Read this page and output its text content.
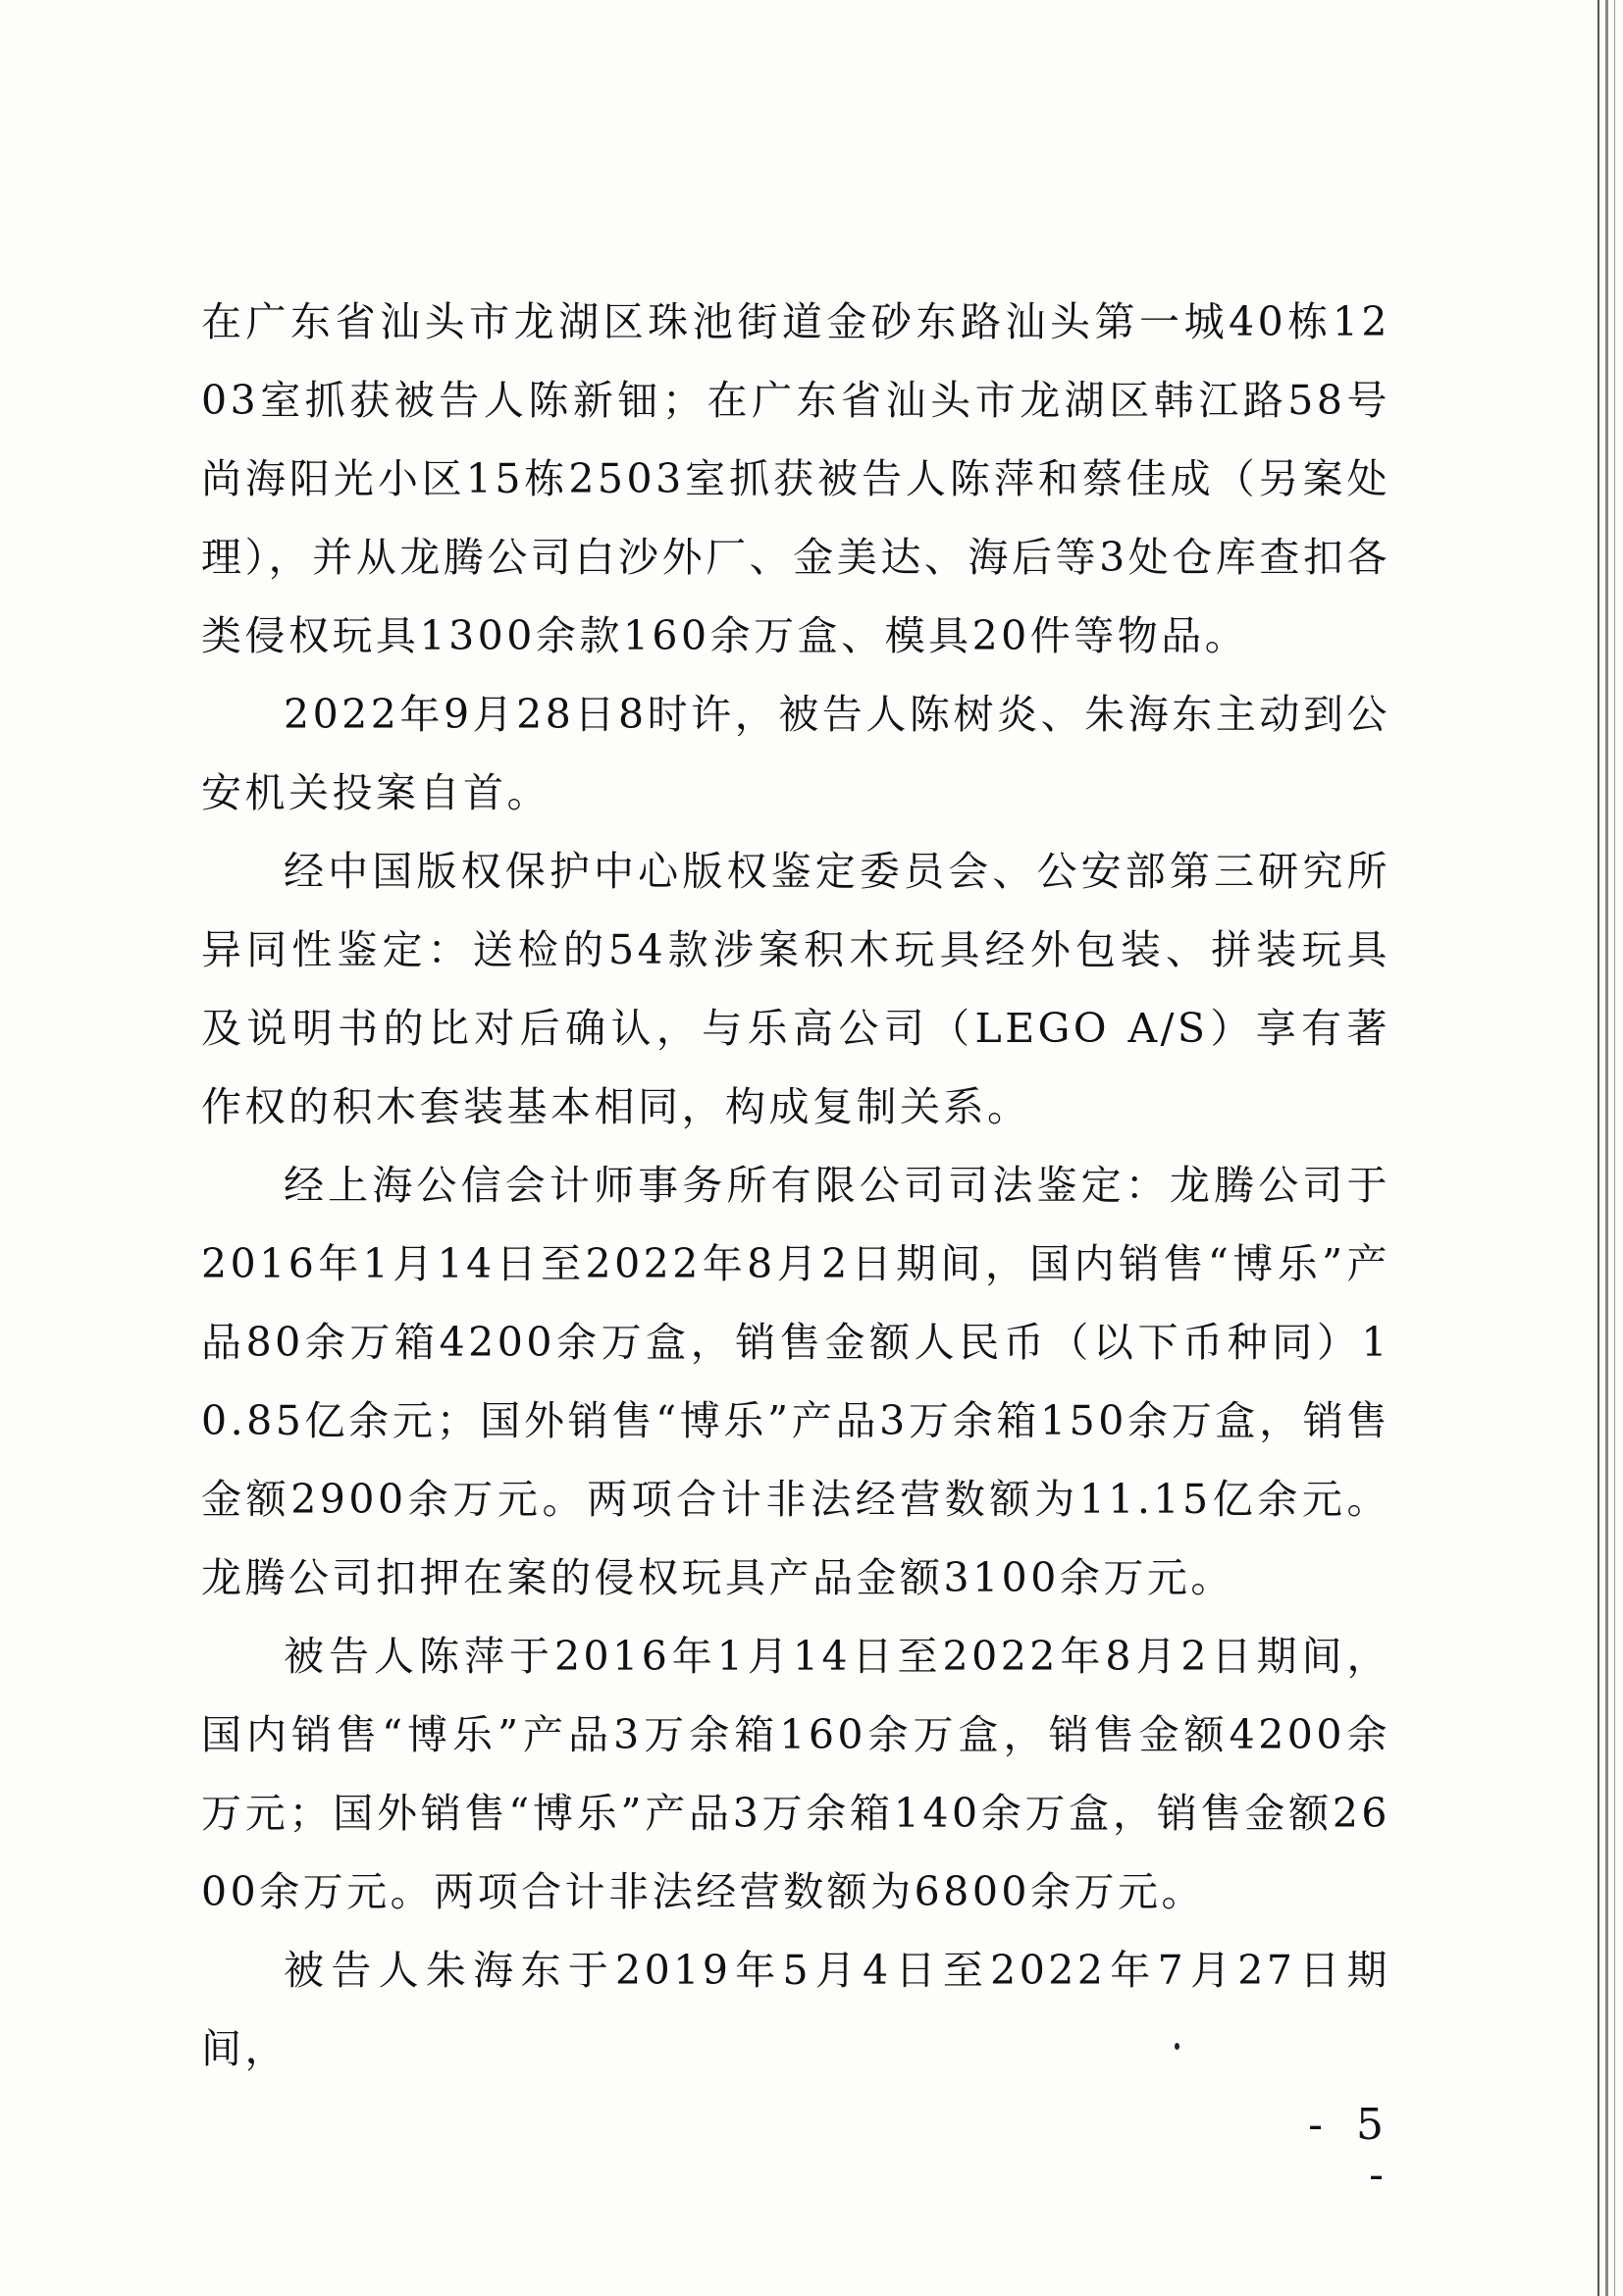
在广东省汕头市龙湖区珠池街道金砂东路汕头第一城40栋1203室抓获被告人陈新钿；在广东省汕头市龙湖区韩江路58号尚海阳光小区15栋2503室抓获被告人陈萍和蔡佳成（另案处理），并从龙腾公司白沙外厂、金美达、海后等3处仓库查扣各类侵权玩具1300余款160余万盒、模具20件等物品。

2022年9月28日8时许，被告人陈树炎、朱海东主动到公安机关投案自首。

经中国版权保护中心版权鉴定委员会、公安部第三研究所异同性鉴定：送检的54款涉案积木玩具经外包装、拼装玩具及说明书的比对后确认，与乐高公司（LEGO A/S）享有著作权的积木套装基本相同，构成复制关系。

经上海公信会计师事务所有限公司司法鉴定：龙腾公司于2016年1月14日至2022年8月2日期间，国内销售“博乐”产品80余万箱4200余万盒，销售金额人民币（以下币种同）10.85亿余元；国外销售“博乐”产品3万余箱150余万盒，销售金额2900余万元。两项合计非法经营数额为11.15亿余元。龙腾公司扣押在案的侵权玩具产品金额3100余万元。

被告人陈萍于2016年1月14日至2022年8月2日期间，国内销售“博乐”产品3万余箱160余万盒，销售金额4200余万元；国外销售“博乐”产品3万余箱140余万盒，销售金额2600余万元。两项合计非法经营数额为6800余万元。

被告人朱海东于2019年5月4日至2022年7月27日期间，

- 5 -
